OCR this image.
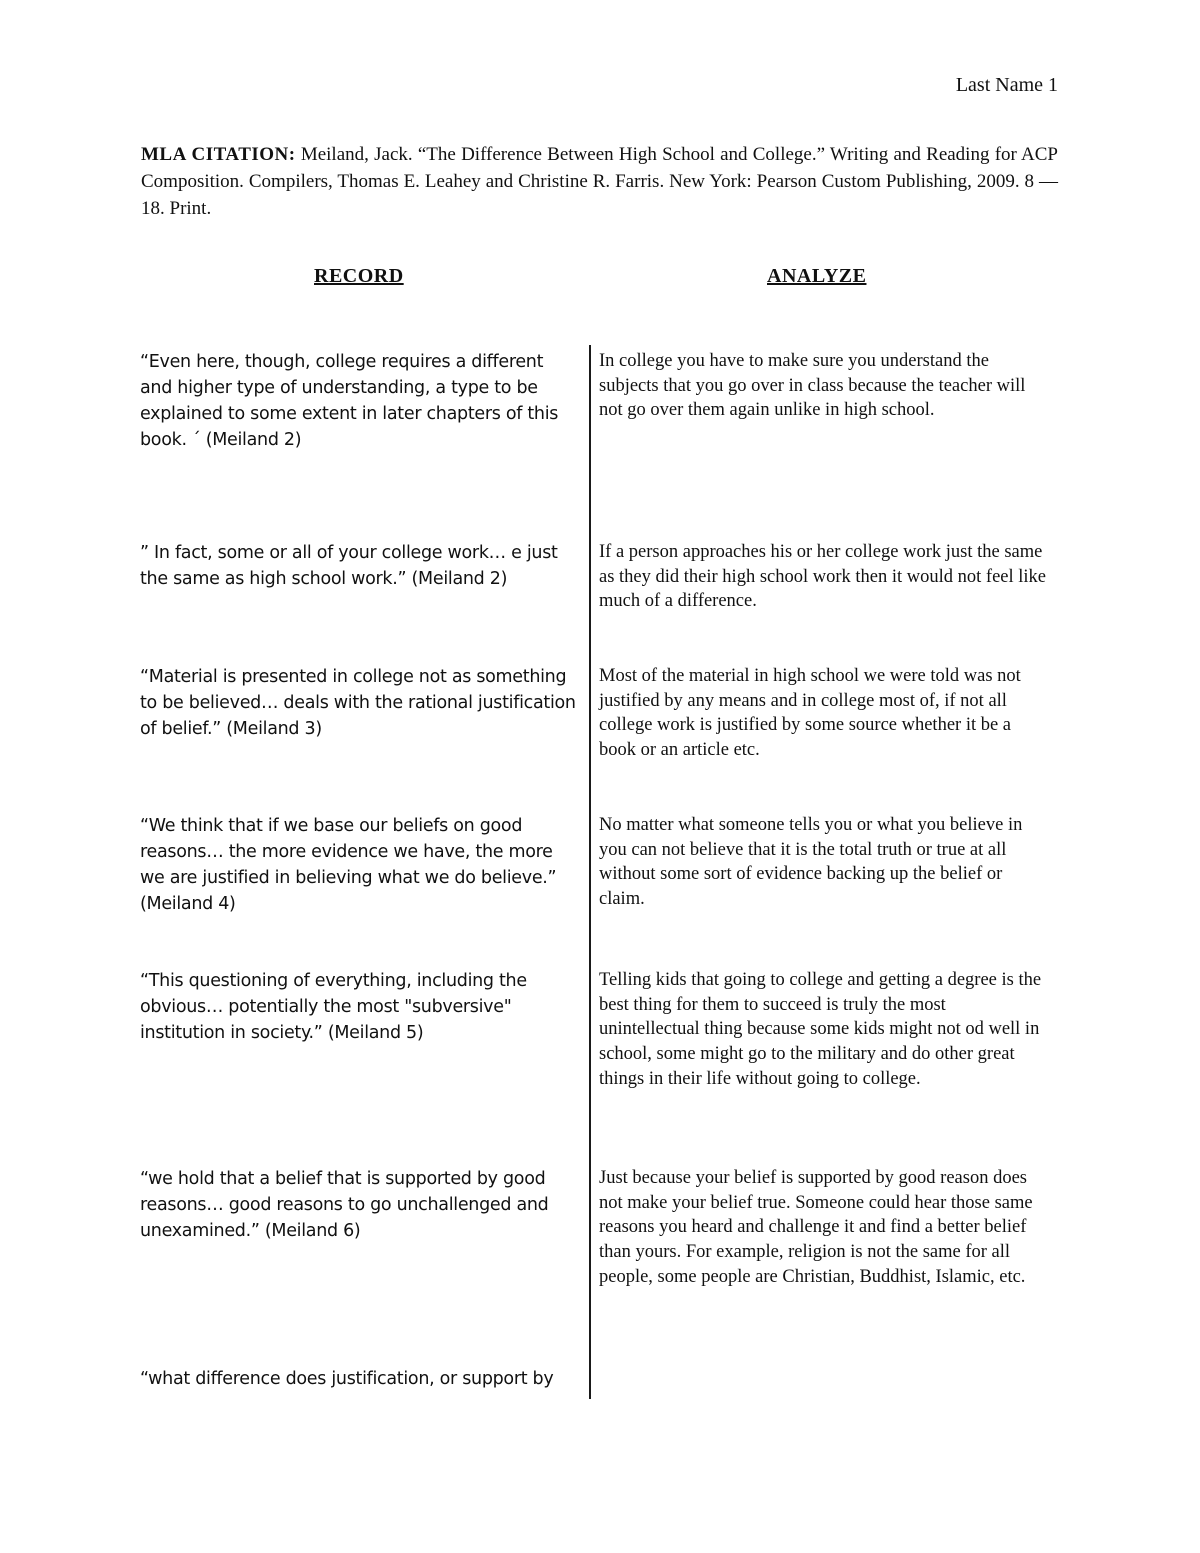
Last Name 1
MLA CITATION: Meiland, Jack. “The Difference Between High School and College.” Writing and Reading for ACP Composition. Compilers, Thomas E. Leahey and Christine R. Farris. New York: Pearson Custom Publishing, 2009. 8 —18. Print.
RECORD	ANALYZE
“Even here, though, college requires a different and higher type of understanding, a type to be explained to some extent in later chapters of this book. ´ (Meiland 2)
In college you have to make sure you understand the subjects that you go over in class because the teacher will not go over them again unlike in high school.
” In fact, some or all of your college work… e just the same as high school work.” (Meiland 2)
If a person approaches his or her college work just the same as they did their high school work then it would not feel like much of a difference.
“Material is presented in college not as something to be believed… deals with the rational justification of belief.” (Meiland 3)
Most of the material in high school we were told was not justified by any means and in college most of, if not all college work is justified by some source whether it be a book or an article etc.
“We think that if we base our beliefs on good reasons… the more evidence we have, the more we are justified in believing what we do believe.” (Meiland 4)
No matter what someone tells you or what you believe in you can not believe that it is the total truth or true at all without some sort of evidence backing up the belief or claim.
“This questioning of everything, including the obvious… potentially the most "subversive" institution in society.” (Meiland 5)
Telling kids that going to college and getting a degree is the best thing for them to succeed is truly the most unintellectual thing because some kids might not od well in school, some might go to the military and do other great things in their life without going to college.
“we hold that a belief that is supported by good reasons… good reasons to go unchallenged and unexamined.” (Meiland 6)
Just because your belief is supported by good reason does not make your belief true. Someone could hear those same reasons you heard and challenge it and find a better belief than yours. For example, religion is not the same for all people, some people are Christian, Buddhist, Islamic, etc.
“what difference does justification, or support by
